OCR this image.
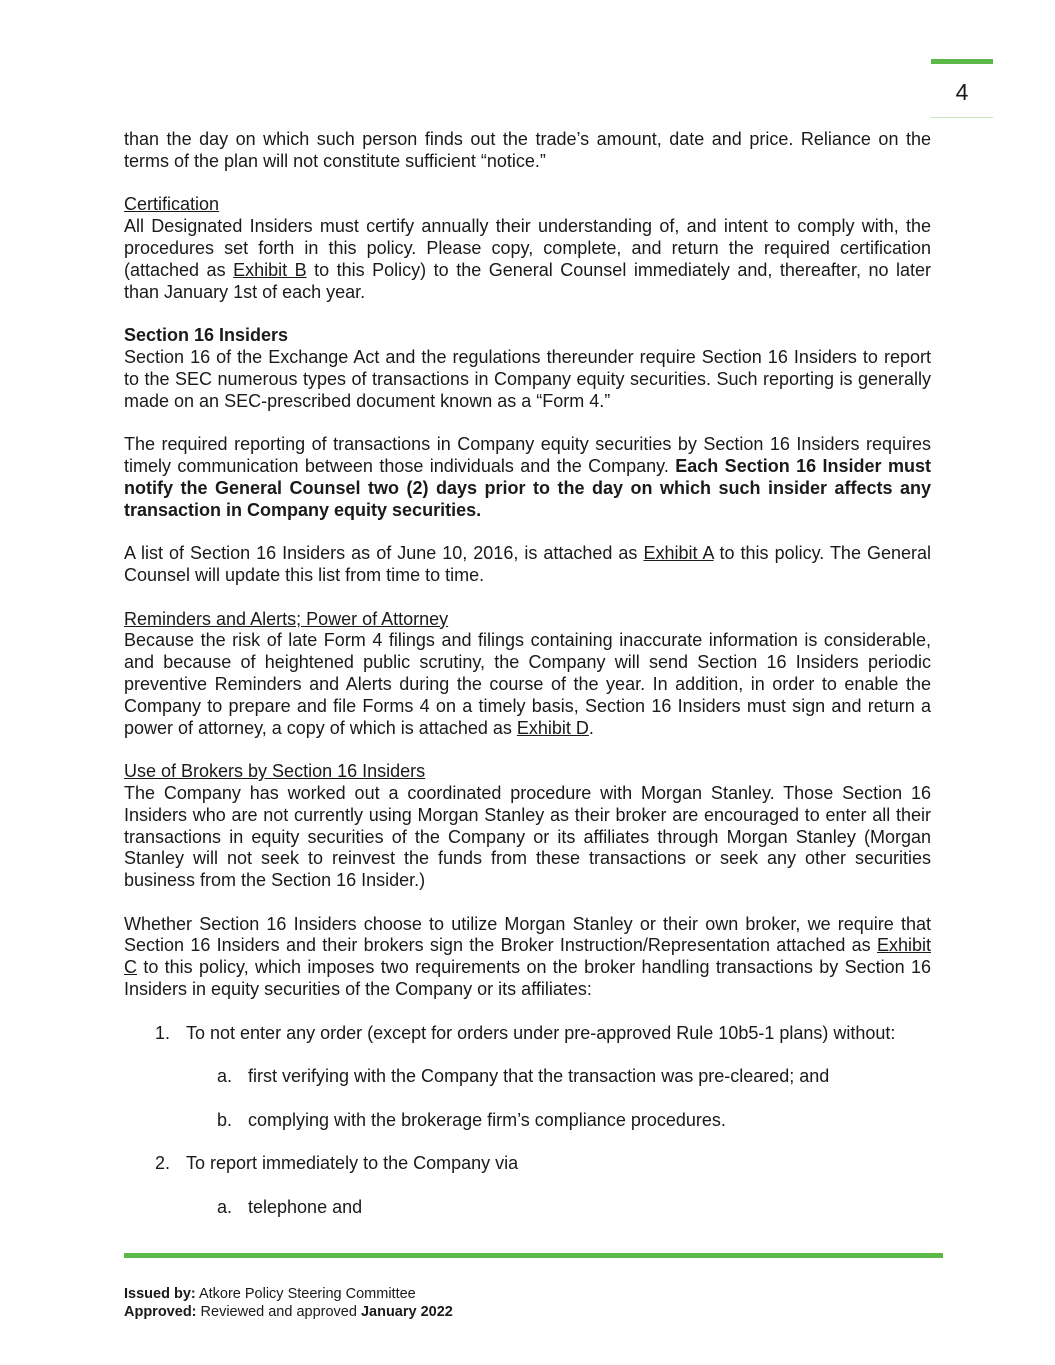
4

than the day on which such person finds out the trade’s amount, date and price. Reliance on the terms of the plan will not constitute sufficient “notice.”

Certification
All Designated Insiders must certify annually their understanding of, and intent to comply with, the procedures set forth in this policy. Please copy, complete, and return the required certification (attached as Exhibit B to this Policy) to the General Counsel immediately and, thereafter, no later than January 1st of each year.

Section 16 Insiders
Section 16 of the Exchange Act and the regulations thereunder require Section 16 Insiders to report to the SEC numerous types of transactions in Company equity securities. Such reporting is generally made on an SEC-prescribed document known as a “Form 4.”

The required reporting of transactions in Company equity securities by Section 16 Insiders requires timely communication between those individuals and the Company. Each Section 16 Insider must notify the General Counsel two (2) days prior to the day on which such insider affects any transaction in Company equity securities.

A list of Section 16 Insiders as of June 10, 2016, is attached as Exhibit A to this policy. The General Counsel will update this list from time to time.

Reminders and Alerts; Power of Attorney
Because the risk of late Form 4 filings and filings containing inaccurate information is considerable, and because of heightened public scrutiny, the Company will send Section 16 Insiders periodic preventive Reminders and Alerts during the course of the year. In addition, in order to enable the Company to prepare and file Forms 4 on a timely basis, Section 16 Insiders must sign and return a power of attorney, a copy of which is attached as Exhibit D.

Use of Brokers by Section 16 Insiders
The Company has worked out a coordinated procedure with Morgan Stanley. Those Section 16 Insiders who are not currently using Morgan Stanley as their broker are encouraged to enter all their transactions in equity securities of the Company or its affiliates through Morgan Stanley (Morgan Stanley will not seek to reinvest the funds from these transactions or seek any other securities business from the Section 16 Insider.)

Whether Section 16 Insiders choose to utilize Morgan Stanley or their own broker, we require that Section 16 Insiders and their brokers sign the Broker Instruction/Representation attached as Exhibit C to this policy, which imposes two requirements on the broker handling transactions by Section 16 Insiders in equity securities of the Company or its affiliates:

1. To not enter any order (except for orders under pre-approved Rule 10b5-1 plans) without:
a. first verifying with the Company that the transaction was pre-cleared; and
b. complying with the brokerage firm’s compliance procedures.
2. To report immediately to the Company via
a. telephone and
Issued by: Atkore Policy Steering Committee
Approved: Reviewed and approved January 2022
